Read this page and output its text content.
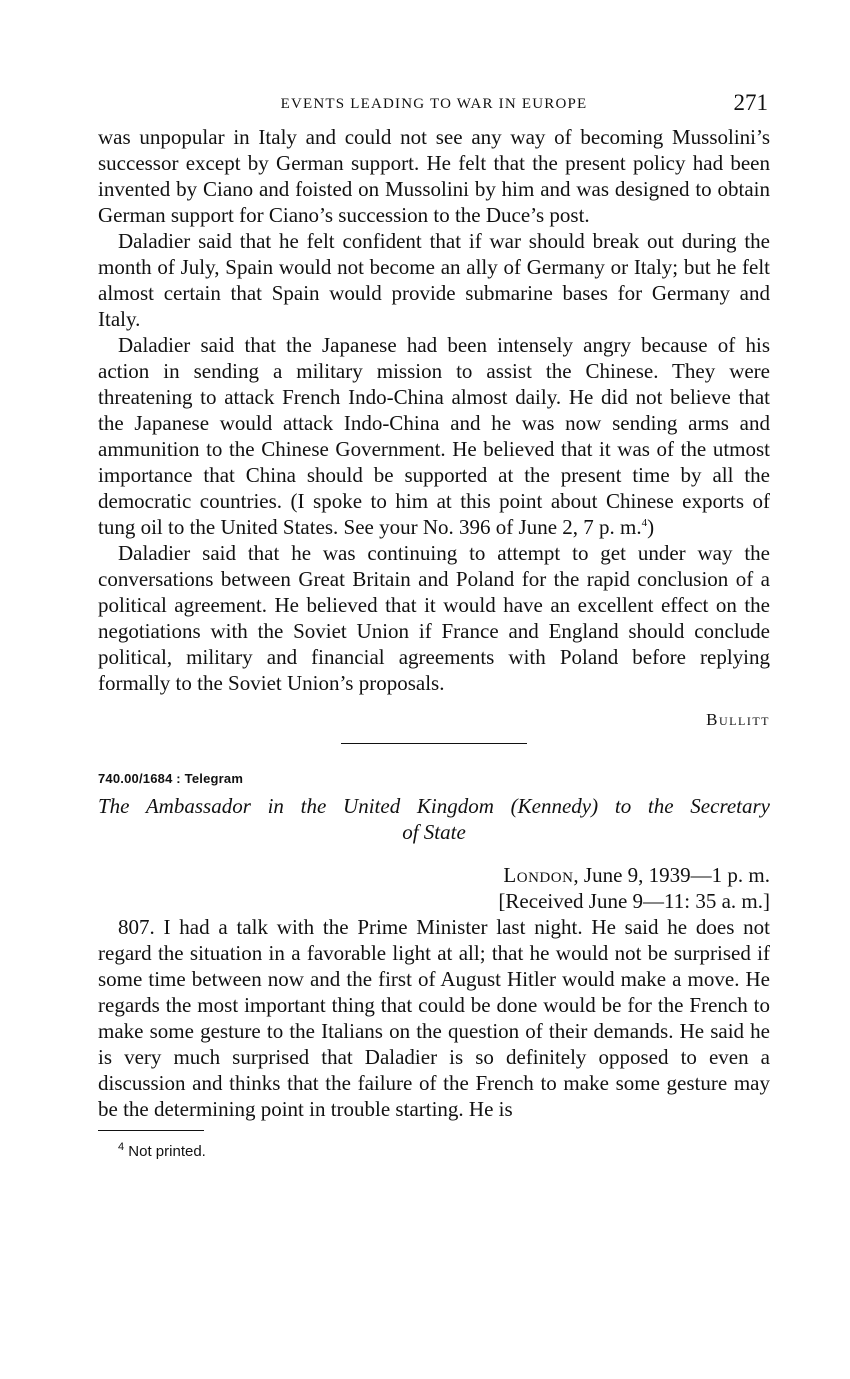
EVENTS LEADING TO WAR IN EUROPE	271

was unpopular in Italy and could not see any way of becoming Mussolini’s successor except by German support. He felt that the present policy had been invented by Ciano and foisted on Mussolini by him and was designed to obtain German support for Ciano’s succession to the Duce’s post.

Daladier said that he felt confident that if war should break out during the month of July, Spain would not become an ally of Germany or Italy; but he felt almost certain that Spain would provide submarine bases for Germany and Italy.

Daladier said that the Japanese had been intensely angry because of his action in sending a military mission to assist the Chinese. They were threatening to attack French Indo-China almost daily. He did not believe that the Japanese would attack Indo-China and he was now sending arms and ammunition to the Chinese Government. He believed that it was of the utmost importance that China should be supported at the present time by all the democratic countries. (I spoke to him at this point about Chinese exports of tung oil to the United States. See your No. 396 of June 2, 7 p. m.$^4$)

Daladier said that he was continuing to attempt to get under way the conversations between Great Britain and Poland for the rapid conclusion of a political agreement. He believed that it would have an excellent effect on the negotiations with the Soviet Union if France and England should conclude political, military and financial agreements with Poland before replying formally to the Soviet Union’s proposals.

Bullitt
740.00/1684 : Telegram
The Ambassador in the United Kingdom (Kennedy) to the Secretary
of State
London, June 9, 1939—1 p. m.
[Received June 9—11: 35 a. m.]

807. I had a talk with the Prime Minister last night. He said he does not regard the situation in a favorable light at all; that he would not be surprised if some time between now and the first of August Hitler would make a move. He regards the most important thing that could be done would be for the French to make some gesture to the Italians on the question of their demands. He said he is very much surprised that Daladier is so definitely opposed to even a discussion and thinks that the failure of the French to make some gesture may be the determining point in trouble starting. He is

$^4$ Not printed.
